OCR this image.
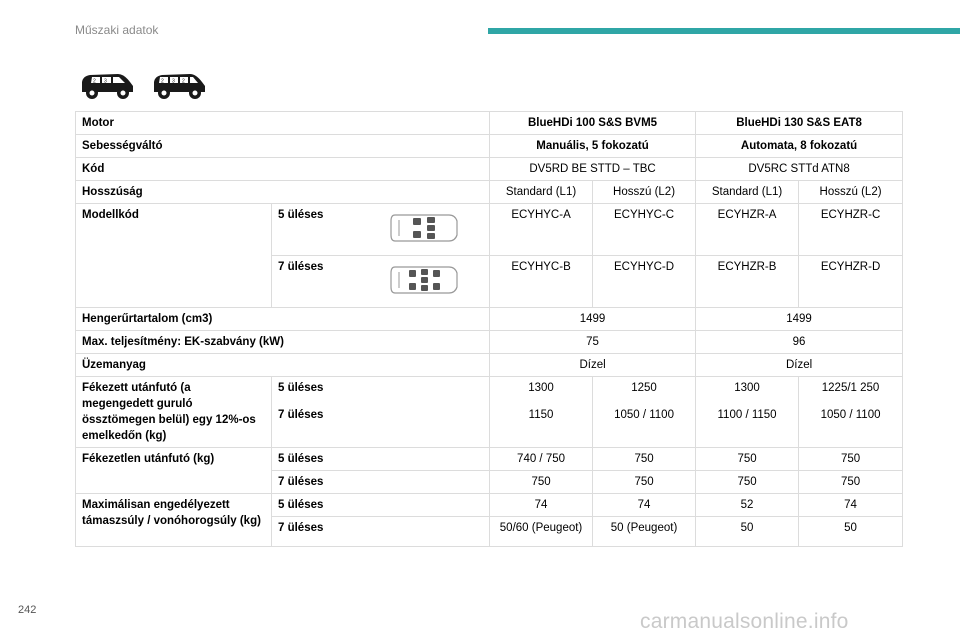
Műszaki adatok
2 3	2 3 2
Motor			BlueHDi 100 S&S BVM5		BlueHDi 130 S&S EAT8	
Sebességváltó			Manuális, 5 fokozatú		Automata, 8 fokozatú	
Kód			DV5RD BE STTD – TBC		DV5RC STTd ATN8	
Hosszúság			Standard (L1)	Hosszú (L2)	Standard (L1)	Hosszú (L2)
Modellkód	5 üléses		ECYHYC-A	ECYHYC-C	ECYHZR-A	ECYHZR-C
	7 üléses		ECYHYC-B	ECYHYC-D	ECYHZR-B	ECYHZR-D
Hengerűrtartalom (cm3)			1499		1499	
Max. teljesítmény: EK-szabvány (kW)			75		96	
Üzemanyag			Dízel		Dízel	
Fékezett utánfutó (a megengedett guruló össztömegen belül) egy 12%-os emelkedőn (kg)	5 üléses		1300	1250	1300	1225/1 250
	7 üléses		1150	1050 / 1100	1100 / 1150	1050 / 1100
Fékezetlen utánfutó (kg)	5 üléses		740 / 750	750	750	750
	7 üléses		750	750	750	750
Maximálisan engedélyezett támaszsúly / vonóhorogsúly (kg)	5 üléses		74	74	52	74
	7 üléses		50/60 (Peugeot)	50 (Peugeot)	50	50
242	carmanualsonline.info
